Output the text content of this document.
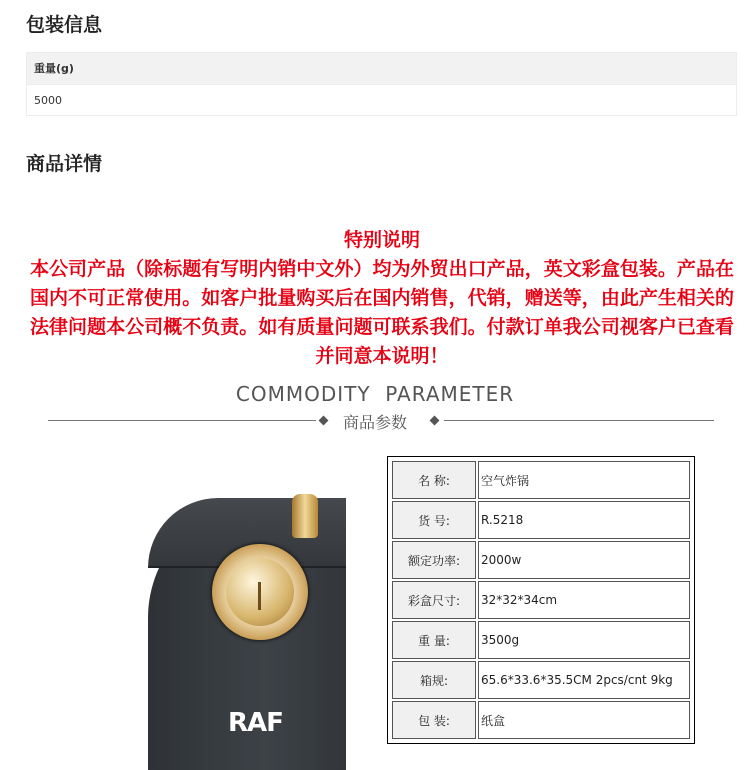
包装信息
重量(g)
5000
商品详情
特别说明
本公司产品（除标题有写明内销中文外）均为外贸出口产品，英文彩盒包装。产品在国内不可正常使用。如客户批量购买后在国内销售，代销，赠送等，由此产生相关的法律问题本公司概不负责。如有质量问题可联系我们。付款订单我公司视客户已查看并同意本说明！
COMMODITY  PARAMETER
商品参数
RAF
名 称:	空气炸锅
货 号:	R.5218
额定功率:	2000w
彩盒尺寸:	32*32*34cm
重 量:	3500g
箱规:	65.6*33.6*35.5CM 2pcs/cnt 9kg
包 装:	纸盒
